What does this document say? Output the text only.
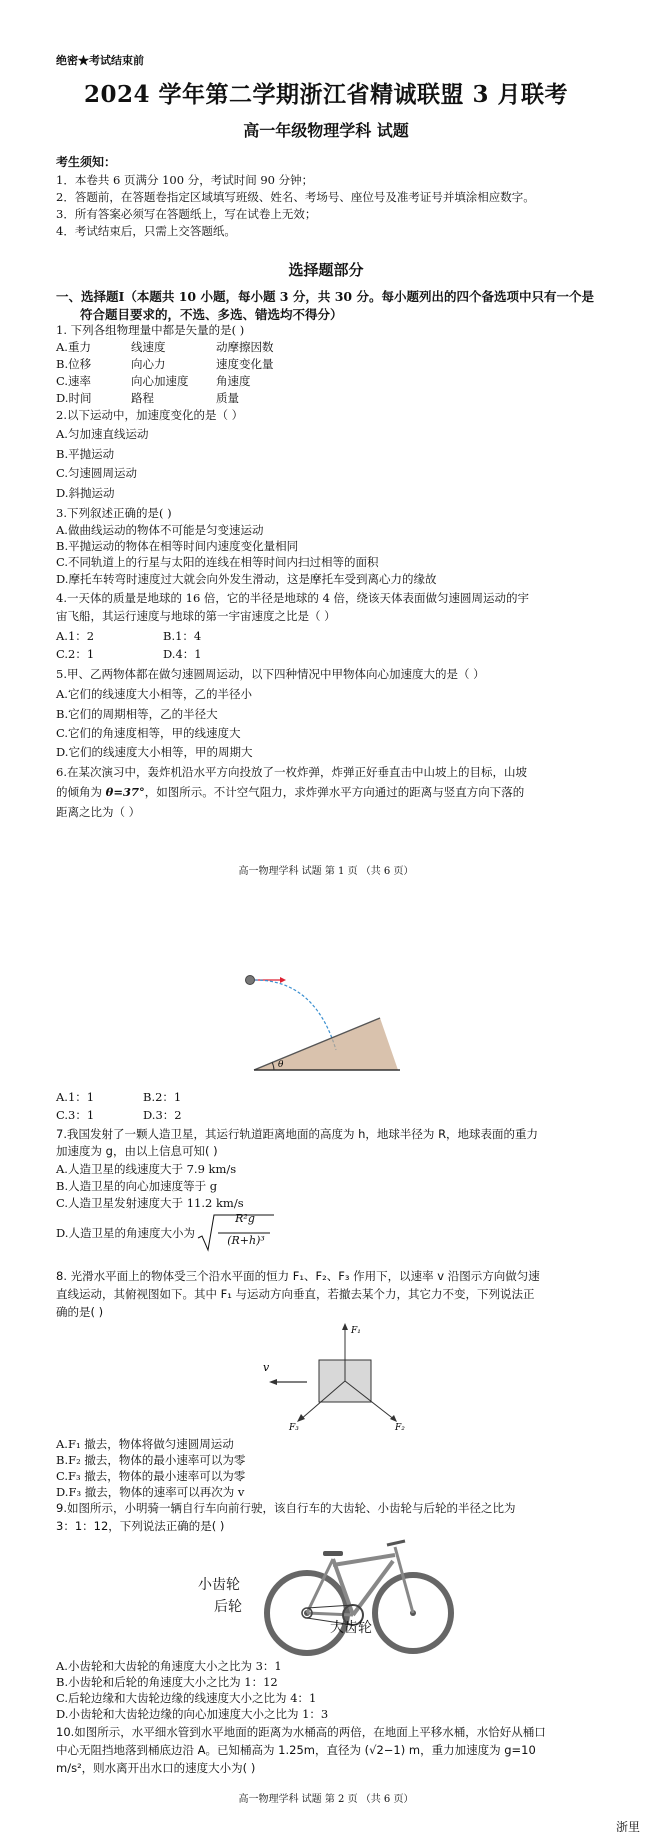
绝密★考试结束前
2024 学年第二学期浙江省精诚联盟 3 月联考
高一年级物理学科 试题
考生须知：
1．本卷共 6 页满分 100 分，考试时间 90 分钟；
2．答题前，在答题卷指定区域填写班级、姓名、考场号、座位号及准考证号并填涂相应数字。
3．所有答案必须写在答题纸上，写在试卷上无效；
4．考试结束后，只需上交答题纸。
选择题部分
一、选择题Ⅰ（本题共 10 小题，每小题 3 分，共 30 分。每小题列出的四个备选项中只有一个是
符合题目要求的，不选、多选、错选均不得分）
1. 下列各组物理量中都是矢量的是( )
A.重力	线速度	动摩擦因数
B.位移	向心力	速度变化量
C.速率	向心加速度 角速度
D.时间	路程	质量
2.以下运动中，加速度变化的是（ ）
A.匀加速直线运动
B.平抛运动
C.匀速圆周运动
D.斜抛运动
3.下列叙述正确的是( )
A.做曲线运动的物体不可能是匀变速运动
B.平抛运动的物体在相等时间内速度变化量相同
C.不同轨道上的行星与太阳的连线在相等时间内扫过相等的面积
D.摩托车转弯时速度过大就会向外发生滑动，这是摩托车受到离心力的缘故
4.一天体的质量是地球的 16 倍，它的半径是地球的 4 倍，绕该天体表面做匀速圆周运动的宇
宙飞船，其运行速度与地球的第一宇宙速度之比是（ ）
A.1：2	B.1：4
C.2：1	D.4：1
5.甲、乙两物体都在做匀速圆周运动，以下四种情况中甲物体向心加速度大的是（ ）
A.它们的线速度大小相等，乙的半径小
B.它们的周期相等，乙的半径大
C.它们的角速度相等，甲的线速度大
D.它们的线速度大小相等，甲的周期大
6.在某次演习中，轰炸机沿水平方向投放了一枚炸弹，炸弹正好垂直击中山坡上的目标，山坡
的倾角为 θ=37°，如图所示。不计空气阻力，求炸弹水平方向通过的距离与竖直方向下落的
距离之比为（ ）
高一物理学科 试题 第 1 页 （共 6 页）
θ
A.1：1	B.2：1
C.3：1	D.3：2
7.我国发射了一颗人造卫星，其运行轨道距离地面的高度为 h，地球半径为 R，地球表面的重力
加速度为 g，由以上信息可知( )
A.人造卫星的线速度大于 7.9 km/s
B.人造卫星的向心加速度等于 g
C.人造卫星发射速度大于 11.2 km/s
D.人造卫星的角速度大小为
R²g
(R+h)³
8. 光滑水平面上的物体受三个沿水平面的恒力 F₁、F₂、F₃ 作用下，以速率 v 沿图示方向做匀速
直线运动，其俯视图如下。其中 F₁ 与运动方向垂直，若撤去某个力，其它力不变，下列说法正
确的是( )
v
F₁
F₂
F₃
A.F₁ 撤去，物体将做匀速圆周运动
B.F₂ 撤去，物体的最小速率可以为零
C.F₃ 撤去，物体的最小速率可以为零
D.F₃ 撤去，物体的速率可以再次为 v
9.如图所示，小明骑一辆自行车向前行驶，该自行车的大齿轮、小齿轮与后轮的半径之比为
3：1：12，下列说法正确的是( )
小齿轮
后轮
大齿轮
A.小齿轮和大齿轮的角速度大小之比为 3：1
B.小齿轮和后轮的角速度大小之比为 1：12
C.后轮边缘和大齿轮边缘的线速度大小之比为 4：1
D.小齿轮和大齿轮边缘的向心加速度大小之比为 1：3
10.如图所示，水平细水管到水平地面的距离为水桶高的两倍，在地面上平移水桶，水恰好从桶口
中心无阻挡地落到桶底边沿 A。已知桶高为 1.25m，直径为 (√2−1) m，重力加速度为 g=10
m/s²，则水离开出水口的速度大小为( )
高一物理学科 试题 第 2 页 （共 6 页）
浙里
